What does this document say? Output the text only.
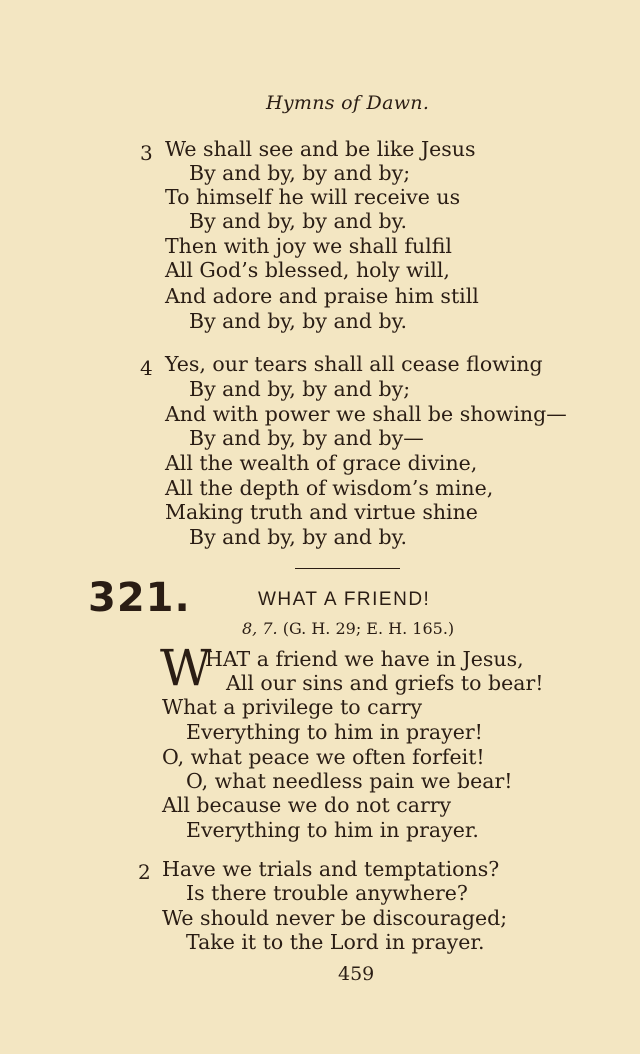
Hymns of Dawn.
3 We shall see and be like Jesus
By and by, by and by;
To himself he will receive us
By and by, by and by.
Then with joy we shall fulfil
All God’s blessed, holy will,
And adore and praise him still
By and by, by and by.
4 Yes, our tears shall all cease flowing
By and by, by and by;
And with power we shall be showing—
By and by, by and by—
All the wealth of grace divine,
All the depth of wisdom’s mine,
Making truth and virtue shine
By and by, by and by.
321.	WHAT A FRIEND!
8, 7. (G. H. 29; E. H. 165.)
W
HAT a friend we have in Jesus,
All our sins and griefs to bear!
What a privilege to carry
Everything to him in prayer!
O, what peace we often forfeit!
O, what needless pain we bear!
All because we do not carry
Everything to him in prayer.
2 Have we trials and temptations?
Is there trouble anywhere?
We should never be discouraged;
Take it to the Lord in prayer.
459
